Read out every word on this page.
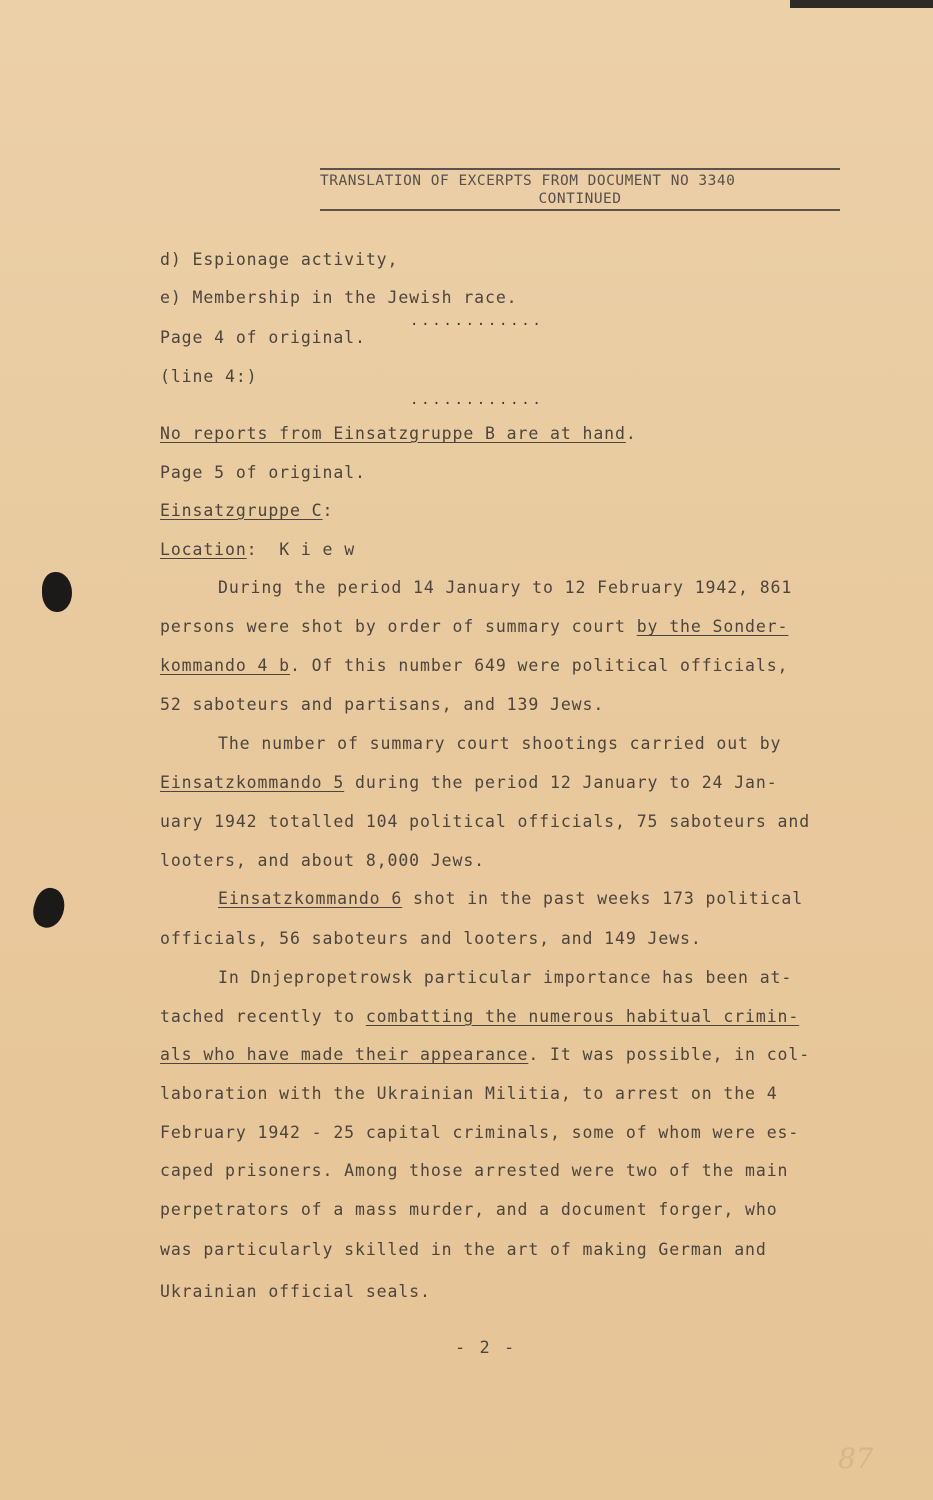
TRANSLATION OF EXCERPTS FROM DOCUMENT NO 3340
CONTINUED
d) Espionage activity,
e) Membership in the Jewish race.
............
Page 4 of original.
(line 4:)
............
No reports from Einsatzgruppe B are at hand.
Page 5 of original.
Einsatzgruppe C:
Location:  K i e w
During the period 14 January to 12 February 1942, 861
persons were shot by order of summary court by the Sonder-
kommando 4 b. Of this number 649 were political officials,
52 saboteurs and partisans, and 139 Jews.
The number of summary court shootings carried out by
Einsatzkommando 5 during the period 12 January to 24 Jan-
uary 1942 totalled 104 political officials, 75 saboteurs and
looters, and about 8,000 Jews.
Einsatzkommando 6 shot in the past weeks 173 political
officials, 56 saboteurs and looters, and 149 Jews.
In Dnjepropetrowsk particular importance has been at-
tached recently to combatting the numerous habitual crimin-
als who have made their appearance. It was possible, in col-
laboration with the Ukrainian Militia, to arrest on the 4
February 1942 - 25 capital criminals, some of whom were es-
caped prisoners. Among those arrested were two of the main
perpetrators of a mass murder, and a document forger, who
was particularly skilled in the art of making German and
Ukrainian official seals.
- 2 -
87
